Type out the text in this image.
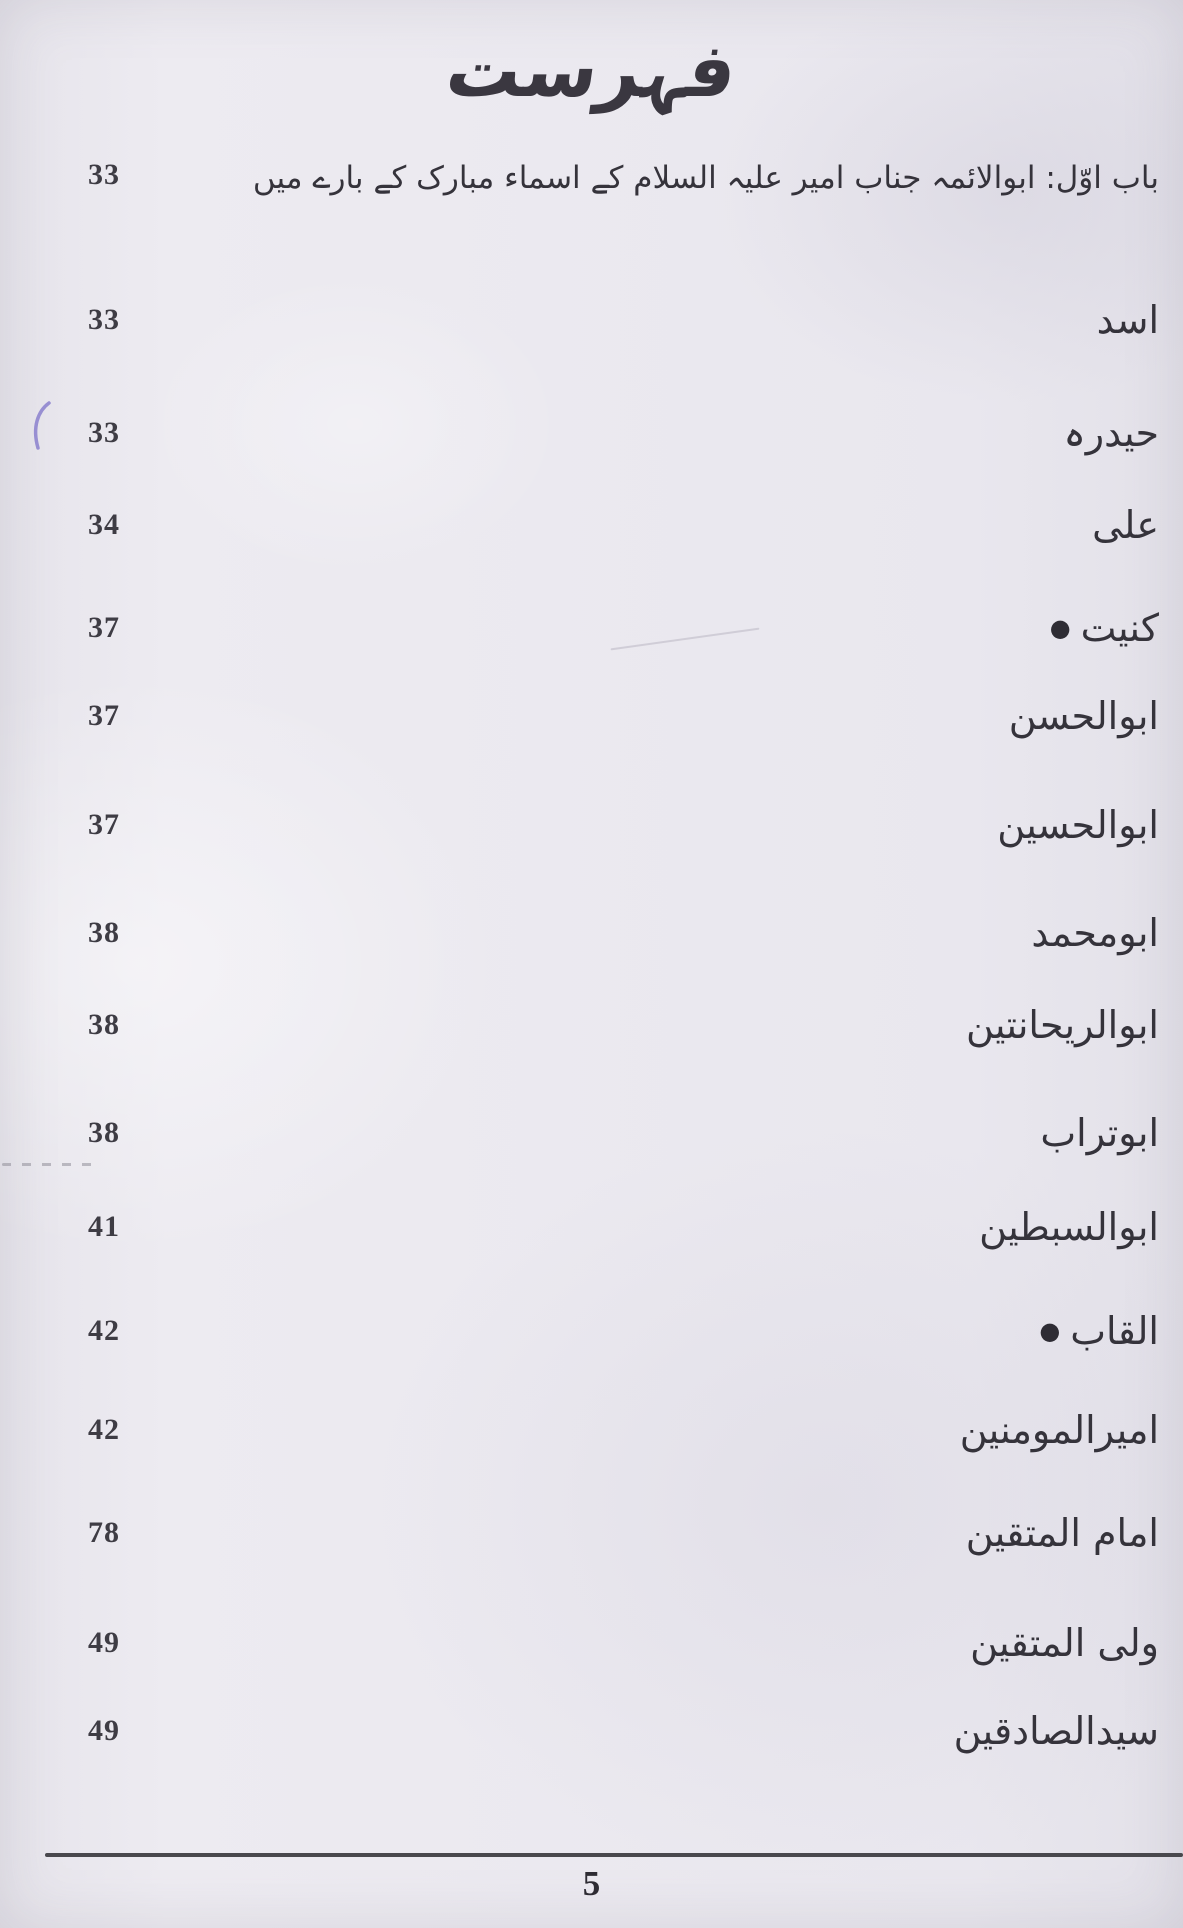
فہرست
33	باب اوّل: ابوالائمہ جناب امیر علیہ السلام کے اسماء مبارک کے بارے میں
33	اسد
33	حیدرہ
34	علی
37	● کنیت
37	ابوالحسن
37	ابوالحسین
38	ابومحمد
38	ابوالریحانتین
38	ابوتراب
41	ابوالسبطین
42	● القاب
42	امیرالمومنین
78	امام المتقین
49	ولی المتقین
49	سیدالصادقین
5
